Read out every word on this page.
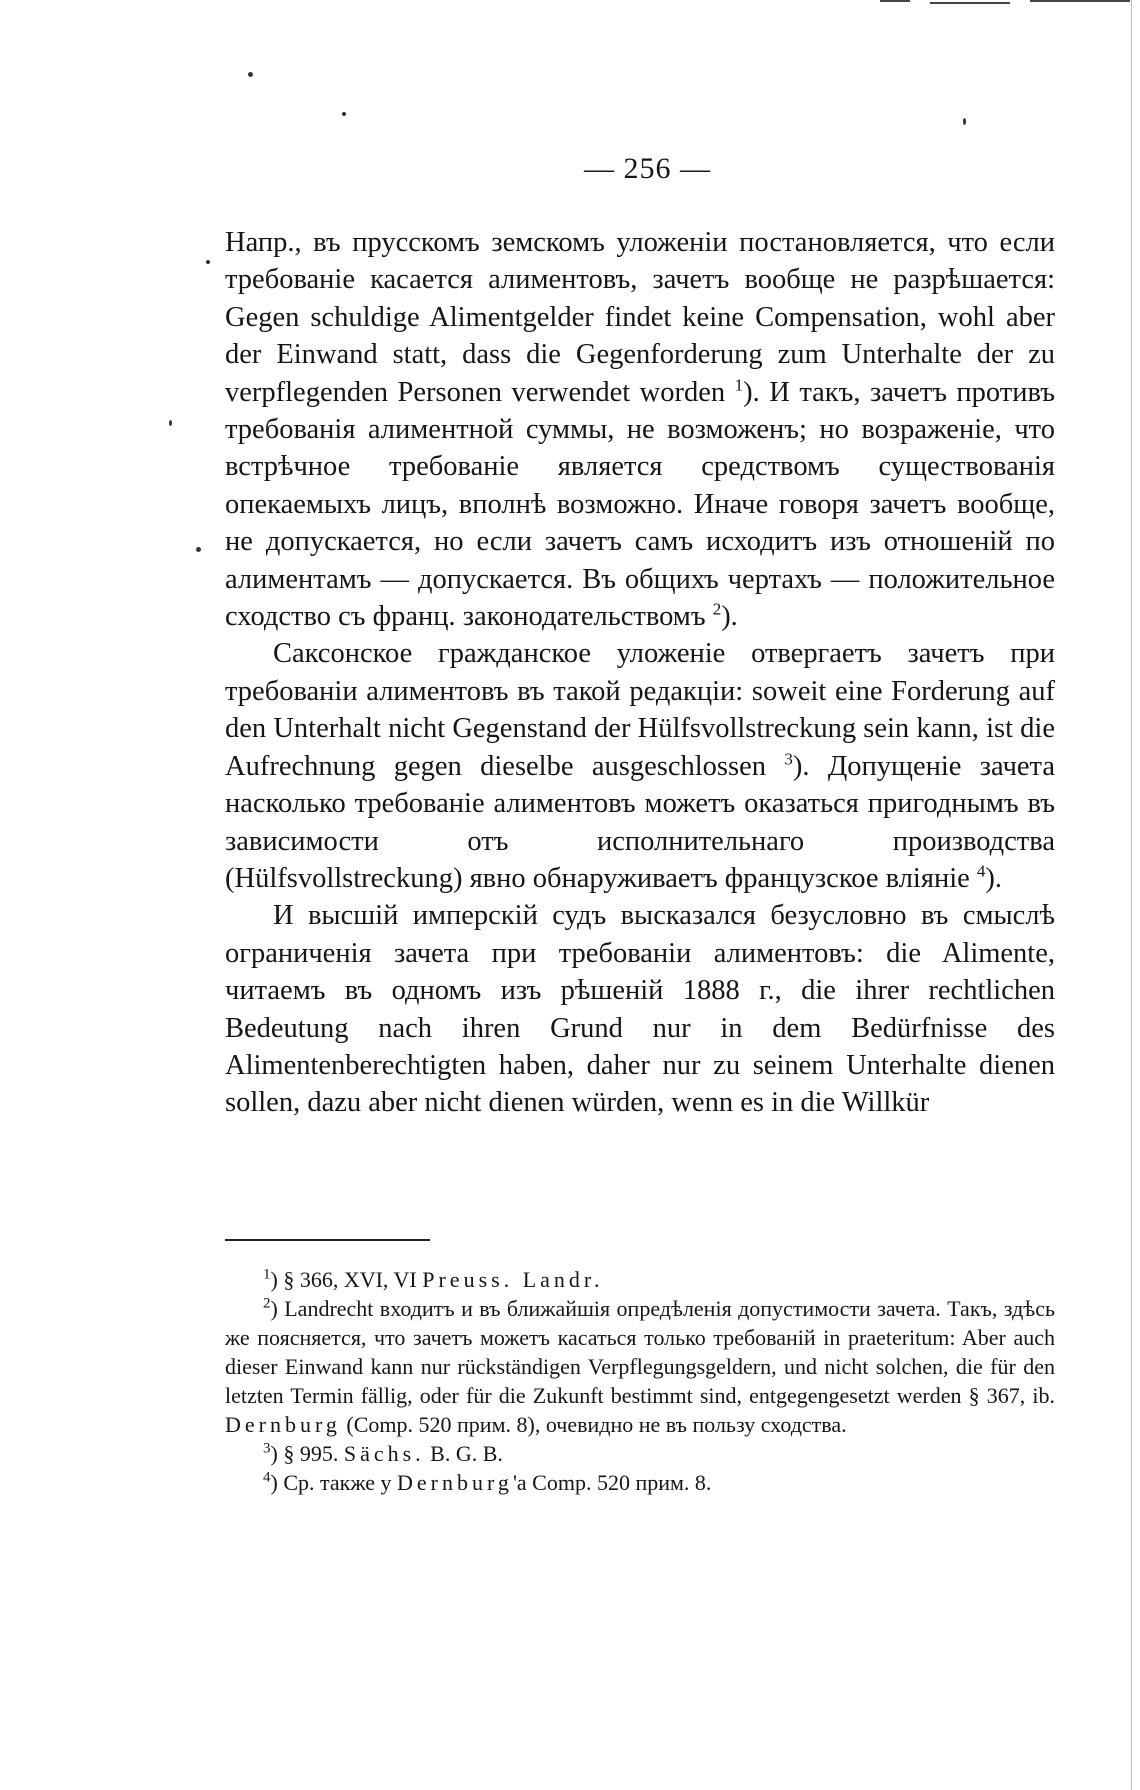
— 256 —

Напр., въ прусскомъ земскомъ уложеніи постановляется, что если требованіе касается алиментовъ, зачетъ вообще не разрѣшается: Gegen schuldige Alimentgelder findet keine Compensation, wohl aber der Einwand statt, dass die Gegenforderung zum Unterhalte der zu verpflegenden Personen verwendet worden $^1$). И такъ, зачетъ противъ требованія алиментной суммы, не возможенъ; но возраженіе, что встрѣчное требованіе является средствомъ существованія опекаемыхъ лицъ, вполнѣ возможно. Иначе говоря зачетъ вообще, не допускается, но если зачетъ самъ исходитъ изъ отношеній по алиментамъ — допускается. Въ общихъ чертахъ — положительное сходство съ франц. законодательствомъ $^2$).

Саксонское гражданское уложеніе отвергаетъ зачетъ при требованіи алиментовъ въ такой редакціи: soweit eine Forderung auf den Unterhalt nicht Gegenstand der Hülfsvollstreckung sein kann, ist die Aufrechnung gegen dieselbe ausgeschlossen $^3$). Допущеніе зачета насколько требованіе алиментовъ можетъ оказаться пригоднымъ въ зависимости отъ исполнительнаго производства (Hülfsvollstreckung) явно обнаруживаетъ французское вліяніе $^4$).

И высшій имперскій судъ высказался безусловно въ смыслѣ ограниченія зачета при требованіи алиментовъ: die Alimente, читаемъ въ одномъ изъ рѣшеній 1888 г., die ihrer rechtlichen Bedeutung nach ihren Grund nur in dem Bedürfnisse des Alimentenberechtigten haben, daher nur zu seinem Unterhalte dienen sollen, dazu aber nicht dienen würden, wenn es in die Willkür

$^1$) § 366, XVI, VI Preuss. Landr.

$^2$) Landrecht входитъ и въ ближайшія опредѣленія допустимости зачета. Такъ, здѣсь же поясняется, что зачетъ можетъ касаться только требованій in praeteritum: Aber auch dieser Einwand kann nur rückständigen Verpflegungsgeldern, und nicht solchen, die für den letzten Termin fällig, oder für die Zukunft bestimmt sind, entgegengesetzt werden § 367, ib. Dernburg (Comp. 520 прим. 8), очевидно не въ пользу сходства.

$^3$) § 995. Sächs. B. G. B.

$^4$) Ср. также у Dernburg'a Comp. 520 прим. 8.
